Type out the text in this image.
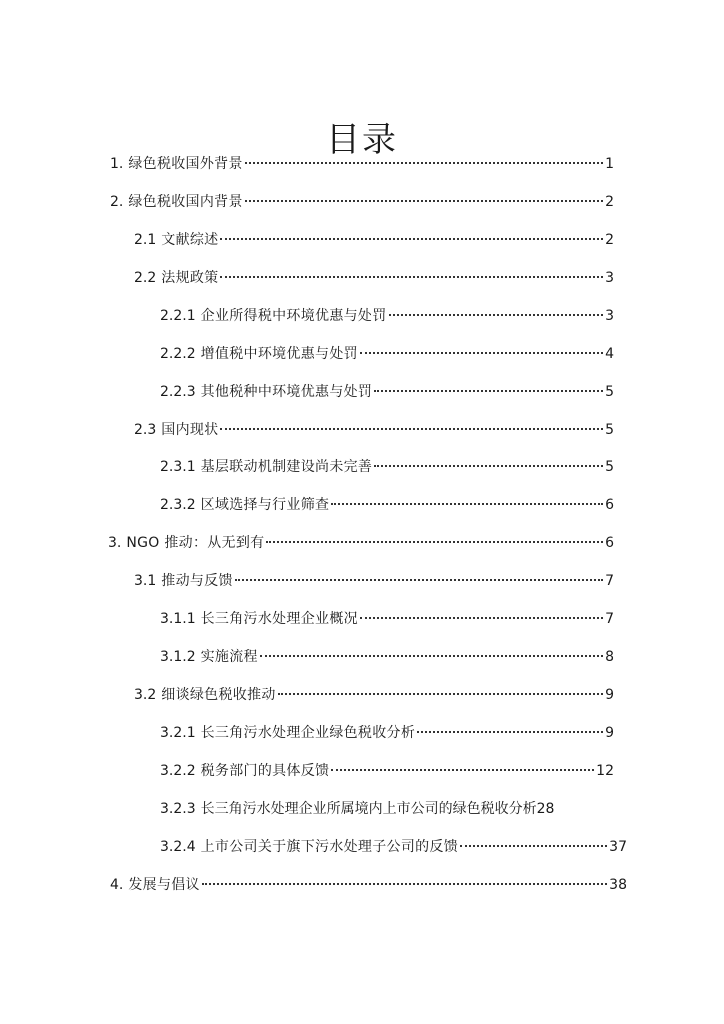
目录
1. 绿色税收国外背景	1
2. 绿色税收国内背景	2
2.1 文献综述	2
2.2 法规政策	3
2.2.1 企业所得税中环境优惠与处罚	3
2.2.2 增值税中环境优惠与处罚	4
2.2.3 其他税种中环境优惠与处罚	5
2.3 国内现状	5
2.3.1 基层联动机制建设尚未完善	5
2.3.2 区域选择与行业筛查	6
3. NGO 推动：从无到有	6
3.1 推动与反馈	7
3.1.1 长三角污水处理企业概况	7
3.1.2 实施流程	8
3.2 细谈绿色税收推动	9
3.2.1 长三角污水处理企业绿色税收分析	9
3.2.2 税务部门的具体反馈	12
3.2.3 长三角污水处理企业所属境内上市公司的绿色税收分析 28
3.2.4 上市公司关于旗下污水处理子公司的反馈	37
4. 发展与倡议	38
